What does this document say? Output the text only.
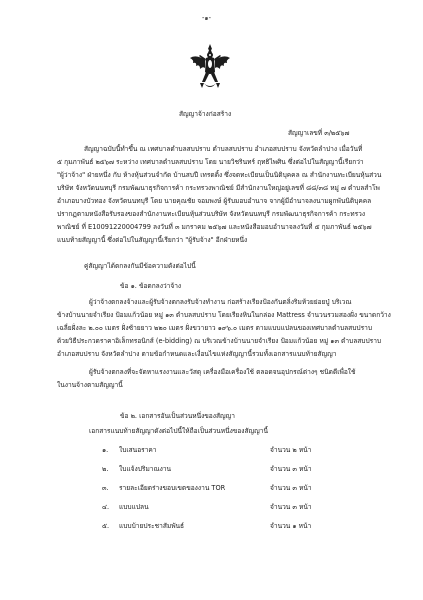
-๑-
สัญญาจ้างก่อสร้าง
สัญญาเลขที่ ๓/๒๕๖๗
สัญญาฉบับนี้ทำขึ้น ณ เทศบาลตำบลสบปราบ ตำบลสบปราบ อำเภอสบปราบ จังหวัดลำปาง เมื่อวันที่
๕ กุมภาพันธ์ ๒๕๖๗ ระหว่าง เทศบาลตำบลสบปราบ โดย นายวิชรินทร์ ฤทธิไพศิน ซึ่งต่อไปในสัญญานี้เรียกว่า
"ผู้ว่าจ้าง" ฝ่ายหนึ่ง กับ ห้างหุ้นส่วนจำกัด บ้านสบปี เทรดดิ้ง ซึ่งจดทะเบียนเป็นนิติบุคคล ณ สำนักงานทะเบียนหุ้นส่วน
บริษัท จังหวัดนนทบุรี กรมพัฒนาธุรกิจการค้า กระทรวงพาณิชย์ มีสำนักงานใหญ่อยู่เลขที่ ๘๘/๓๘ หมู่ ๗ ตำบลสำโพ
อำเภอบางบัวทอง จังหวัดนนทบุรี โดย นายคุณชัย จอมพงษ์ ผู้รับมอบอำนาจ จากผู้มีอำนาจลงนามผูกพันนิติบุคคล
ปรากฏตามหนังสือรับรองของสำนักงานทะเบียนหุ้นส่วนบริษัท จังหวัดนนทบุรี กรมพัฒนาธุรกิจการค้า กระทรวง
พาณิชย์ ที่ E10091220004799 ลงวันที่ ๓ มกราคม ๒๕๖๗ และหนังสือมอบอำนาจลงวันที่ ๕ กุมภาพันธ์ ๒๕๖๗
แนบท้ายสัญญานี้ ซึ่งต่อไปในสัญญานี้เรียกว่า "ผู้รับจ้าง" อีกฝ่ายหนึ่ง
คู่สัญญาได้ตกลงกันมีข้อความดังต่อไปนี้
ข้อ ๑. ข้อตกลงว่าจ้าง
ผู้ว่าจ้างตกลงจ้างและผู้รับจ้างตกลงรับจ้างทำงาน ก่อสร้างเรียงป้องกันตลิ่งริมห้วยย่อยปู่ บริเวณ
ข้างบ้านนายจำเรียง ป้อมแก้วน้อย หมู่ ๑๓ ตำบลสบปราบ โดยเรียงหินในกล่อง Mattress จำนวนรวมสองฝั่ง ขนาดกว้าง
เฉลี่ยฝั่งละ ๒.๐๐ เมตร ฝั่งซ้ายยาว ๒๒๐ เมตร ฝั่งขวายาว ๑๙๖.๐ เมตร ตามแบบแปลนของเทศบาลตำบลสบปราบ
ด้วยวิธีประกวดราคาอิเล็กทรอนิกส์ (e-bidding) ณ บริเวณข้างบ้านนายจำเรียง ป้อมแก้วน้อย หมู่ ๑๓ ตำบลสบปราบ
อำเภอสบปราบ จังหวัดลำปาง ตามข้อกำหนดและเงื่อนไขแห่งสัญญานี้รวมทั้งเอกสารแนบท้ายสัญญา
ผู้รับจ้างตกลงที่จะจัดหาแรงงานและวัสดุ เครื่องมือเครื่องใช้ ตลอดจนอุปกรณ์ต่างๆ ชนิดดีเพื่อใช้
ในงานจ้างตามสัญญานี้
ข้อ ๒. เอกสารอันเป็นส่วนหนึ่งของสัญญา
เอกสารแนบท้ายสัญญาดังต่อไปนี้ให้ถือเป็นส่วนหนึ่งของสัญญานี้
๑. ใบเสนอราคา	จำนวน ๒ หน้า
๒. ใบแจ้งปริมาณงาน	จำนวน ๓ หน้า
๓. รายละเอียดร่างขอบเขตของงาน TOR	จำนวน ๓ หน้า
๔. แบบแปลน	จำนวน ๓ หน้า
๕. แบบบ้ายประชาสัมพันธ์	จำนวน ๑ หน้า
